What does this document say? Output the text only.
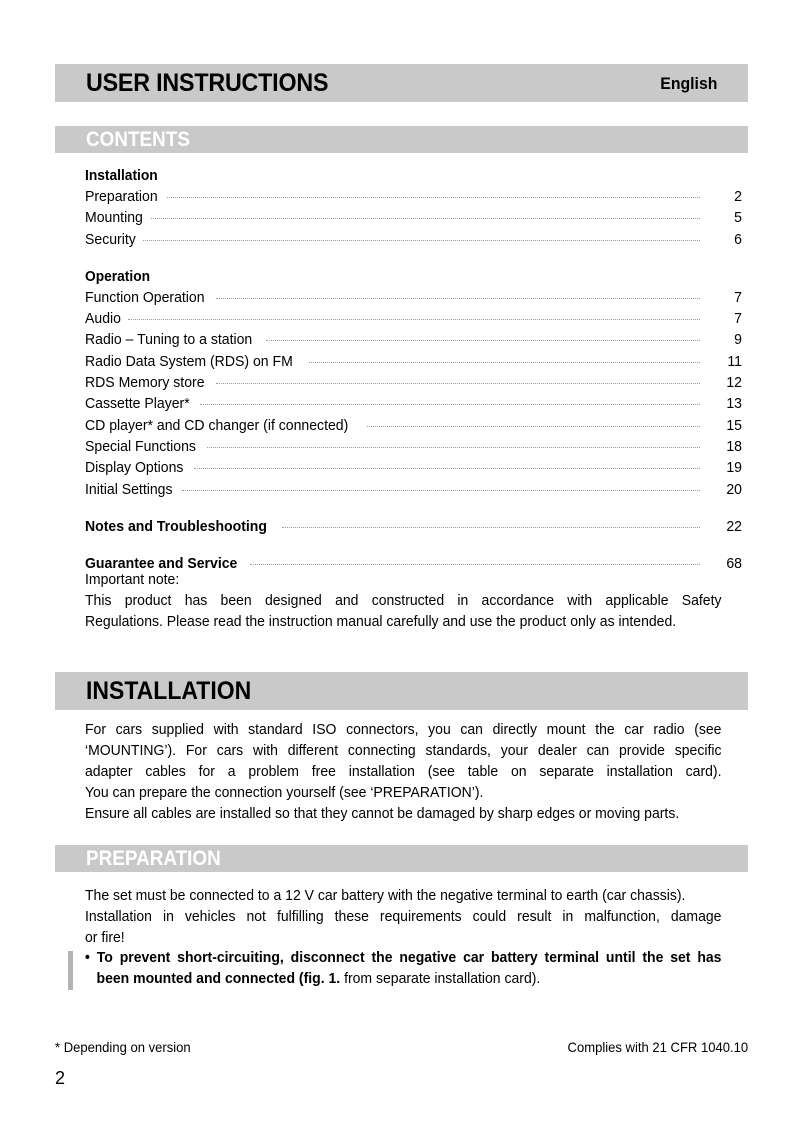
USER INSTRUCTIONS	English
CONTENTS
Installation
Preparation	2
Mounting	5
Security	6
Operation
Function Operation	7
Audio	7
Radio – Tuning to a station	9
Radio Data System (RDS) on FM	11
RDS Memory store	12
Cassette Player*	13
CD player* and CD changer (if connected)	15
Special Functions	18
Display Options	19
Initial Settings	20
Notes and Troubleshooting	22
Guarantee and Service	68

Important note:

This product has been designed and constructed in accordance with applicable Safety

Regulations. Please read the instruction manual carefully and use the product only as intended.

INSTALLATION

For cars supplied with standard ISO connectors, you can directly mount the car radio (see

‘MOUNTING’). For cars with different connecting standards, your dealer can provide specific

adapter cables for a problem free installation (see table on separate installation card).

You can prepare the connection yourself (see ‘PREPARATION’).

Ensure all cables are installed so that they cannot be damaged by sharp edges or moving parts.

PREPARATION

The set must be connected to a 12 V car battery with the negative terminal to earth (car chassis).

Installation in vehicles not fulfilling these requirements could result in malfunction, damage

or fire!

• To prevent short-circuiting, disconnect the negative car battery terminal until the set has
been mounted and connected (fig. 1. from separate installation card).
* Depending on version	Complies with 21 CFR 1040.10
2
